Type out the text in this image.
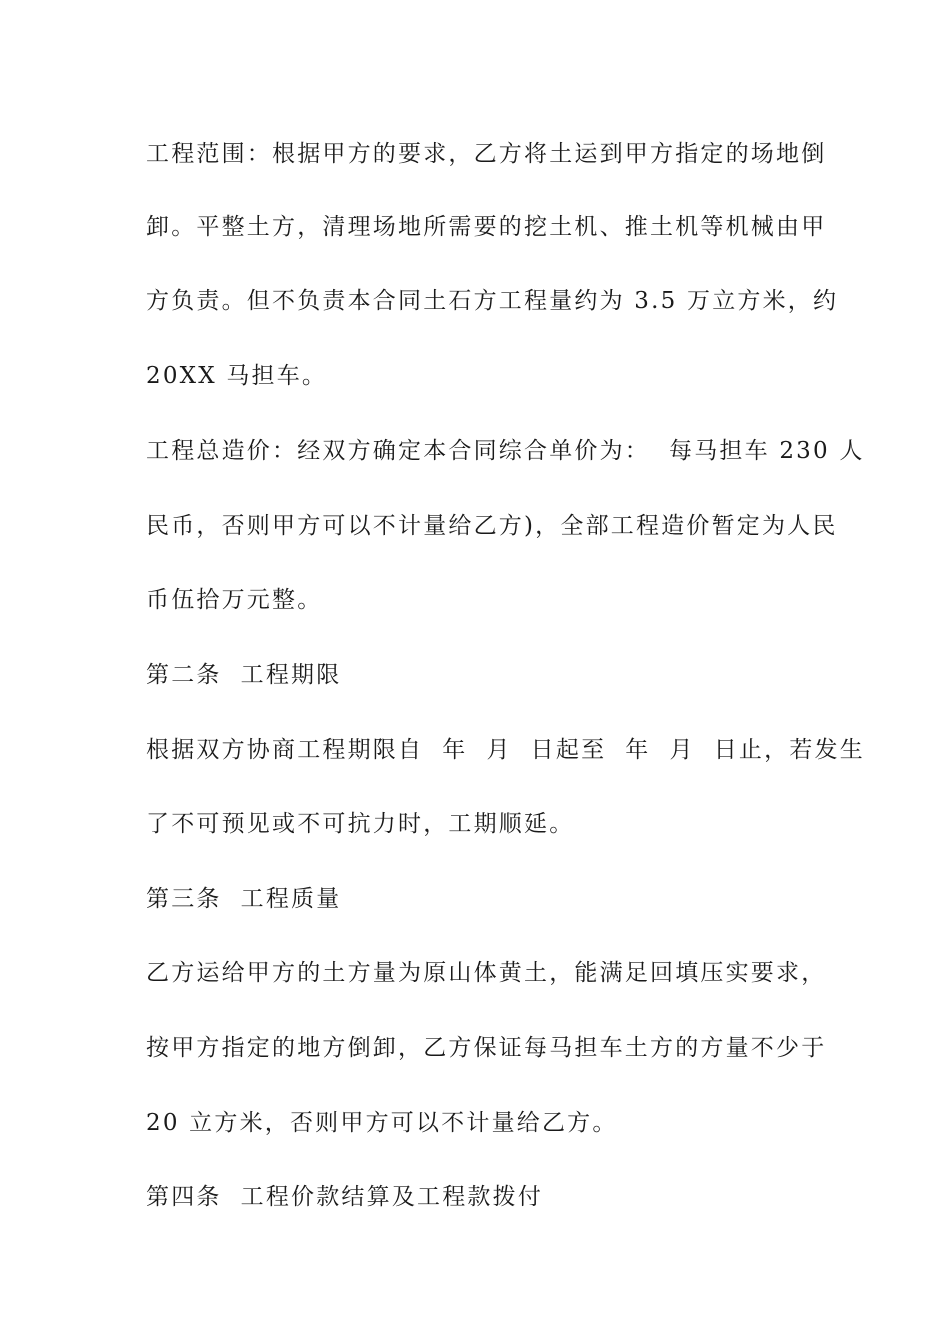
工程范围：根据甲方的要求，乙方将土运到甲方指定的场地倒
卸。平整土方，清理场地所需要的挖土机、推土机等机械由甲
方负责。但不负责本合同土石方工程量约为 3.5 万立方米，约
20XX 马担车。
工程总造价：经双方确定本合同综合单价为：  每马担车 230 人
民币，否则甲方可以不计量给乙方)，全部工程造价暂定为人民
币伍拾万元整。
第二条  工程期限
根据双方协商工程期限自  年  月  日起至  年  月  日止，若发生
了不可预见或不可抗力时，工期顺延。
第三条  工程质量
乙方运给甲方的土方量为原山体黄土，能满足回填压实要求，
按甲方指定的地方倒卸，乙方保证每马担车土方的方量不少于
20 立方米，否则甲方可以不计量给乙方。
第四条  工程价款结算及工程款拨付
